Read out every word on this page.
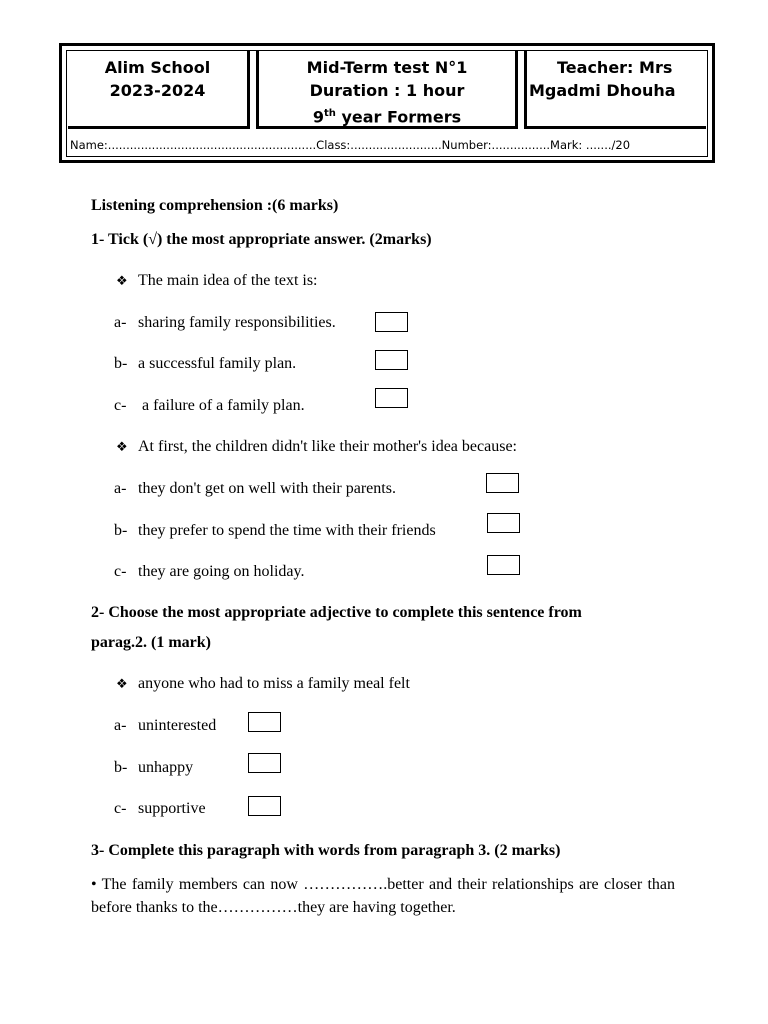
Alim School
2023-2024
Mid-Term test N°1
Duration : 1 hour
9th year Formers
Teacher: Mrs
Mgadmi Dhouha
Name:.........................................................Class:.........................Number:................Mark: ......./20
Listening comprehension :(6 marks)
1- Tick (√) the most appropriate answer. (2marks)
❖ The main idea of the text is:
a- sharing family responsibilities.
b- a successful family plan.
c- a failure of a family plan.
❖ At first, the children didn't like their mother's idea because:
a- they don't get on well with their parents.
b- they prefer to spend the time with their friends
c- they are going on holiday.
2- Choose the most appropriate adjective to complete this sentence from
parag.2. (1 mark)
❖ anyone who had to miss a family meal felt
a- uninterested
b- unhappy
c- supportive
3- Complete this paragraph with words from paragraph 3. (2 marks)
• The family members can now …………….better and their relationships are closer than before thanks to the……………they are having together.
